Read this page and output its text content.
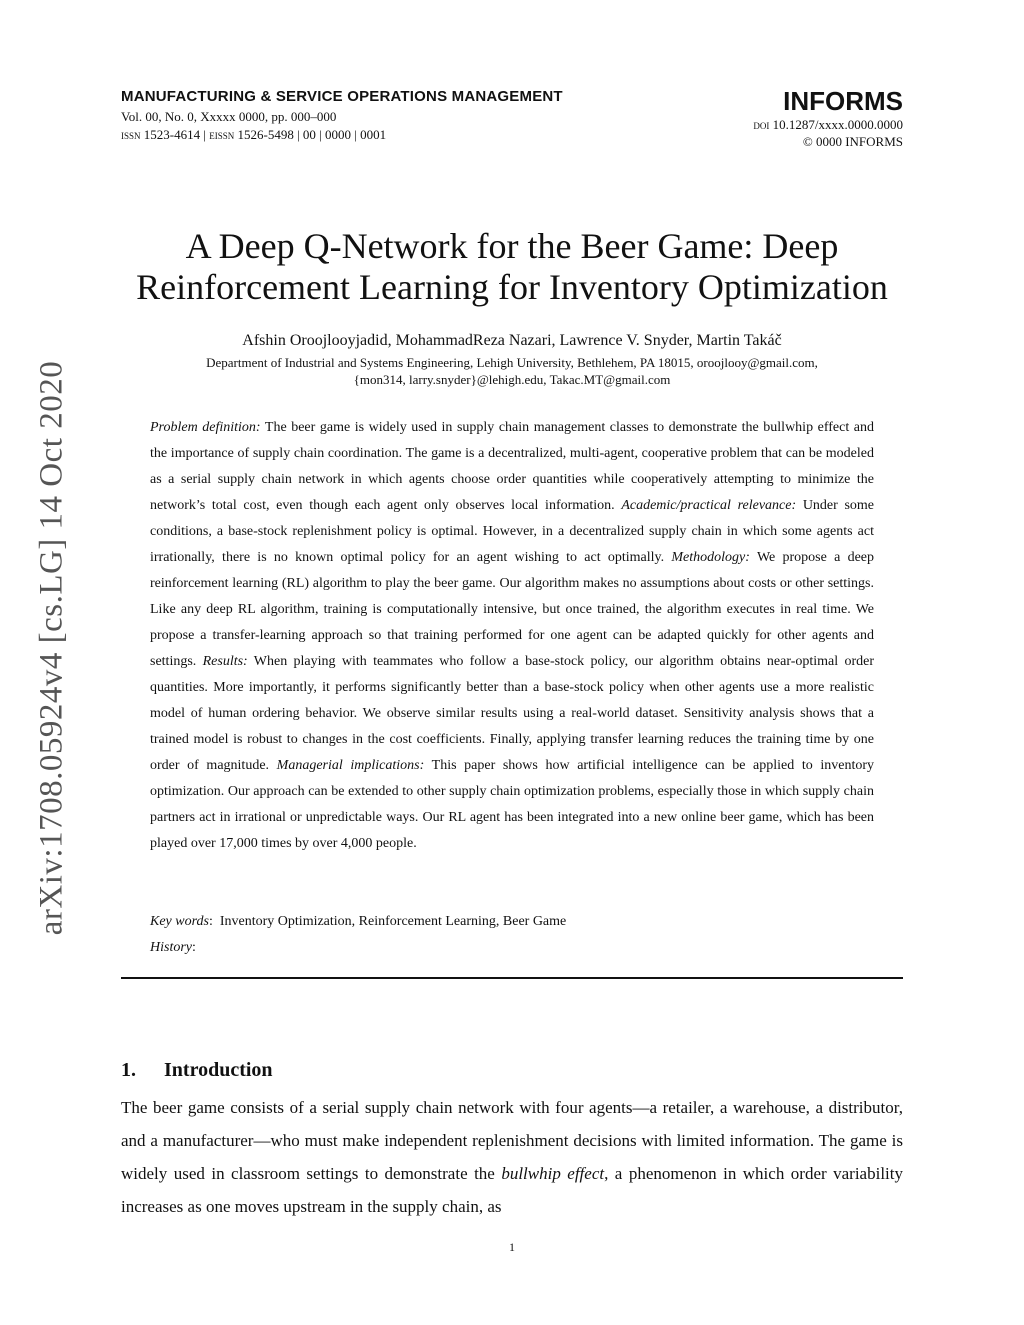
MANUFACTURING & SERVICE OPERATIONS MANAGEMENT
Vol. 00, No. 0, Xxxxx 0000, pp. 000–000
issn 1523-4614 | eissn 1526-5498 | 00 | 0000 | 0001
INFORMS
doi 10.1287/xxxx.0000.0000
© 0000 INFORMS
arXiv:1708.05924v4 [cs.LG] 14 Oct 2020
A Deep Q-Network for the Beer Game: Deep
Reinforcement Learning for Inventory Optimization
Afshin Oroojlooyjadid, MohammadReza Nazari, Lawrence V. Snyder, Martin Takáč
Department of Industrial and Systems Engineering, Lehigh University, Bethlehem, PA 18015, oroojlooy@gmail.com,
{mon314, larry.snyder}@lehigh.edu, Takac.MT@gmail.com
Problem definition: The beer game is widely used in supply chain management classes to demonstrate the bullwhip effect and the importance of supply chain coordination. The game is a decentralized, multi-agent, cooperative problem that can be modeled as a serial supply chain network in which agents choose order quantities while cooperatively attempting to minimize the network’s total cost, even though each agent only observes local information. Academic/practical relevance: Under some conditions, a base-stock replenishment policy is optimal. However, in a decentralized supply chain in which some agents act irrationally, there is no known optimal policy for an agent wishing to act optimally. Methodology: We propose a deep reinforcement learning (RL) algorithm to play the beer game. Our algorithm makes no assumptions about costs or other settings. Like any deep RL algorithm, training is computationally intensive, but once trained, the algorithm executes in real time. We propose a transfer-learning approach so that training performed for one agent can be adapted quickly for other agents and settings. Results: When playing with teammates who follow a base-stock policy, our algorithm obtains near-optimal order quantities. More importantly, it performs significantly better than a base-stock policy when other agents use a more realistic model of human ordering behavior. We observe similar results using a real-world dataset. Sensitivity analysis shows that a trained model is robust to changes in the cost coefficients. Finally, applying transfer learning reduces the training time by one order of magnitude. Managerial implications: This paper shows how artificial intelligence can be applied to inventory optimization. Our approach can be extended to other supply chain optimization problems, especially those in which supply chain partners act in irrational or unpredictable ways. Our RL agent has been integrated into a new online beer game, which has been played over 17,000 times by over 4,000 people.
Key words:  Inventory Optimization, Reinforcement Learning, Beer Game
History:
1. Introduction
The beer game consists of a serial supply chain network with four agents—a retailer, a warehouse, a distributor, and a manufacturer—who must make independent replenishment decisions with limited information. The game is widely used in classroom settings to demonstrate the bullwhip effect, a phenomenon in which order variability increases as one moves upstream in the supply chain, as
1
